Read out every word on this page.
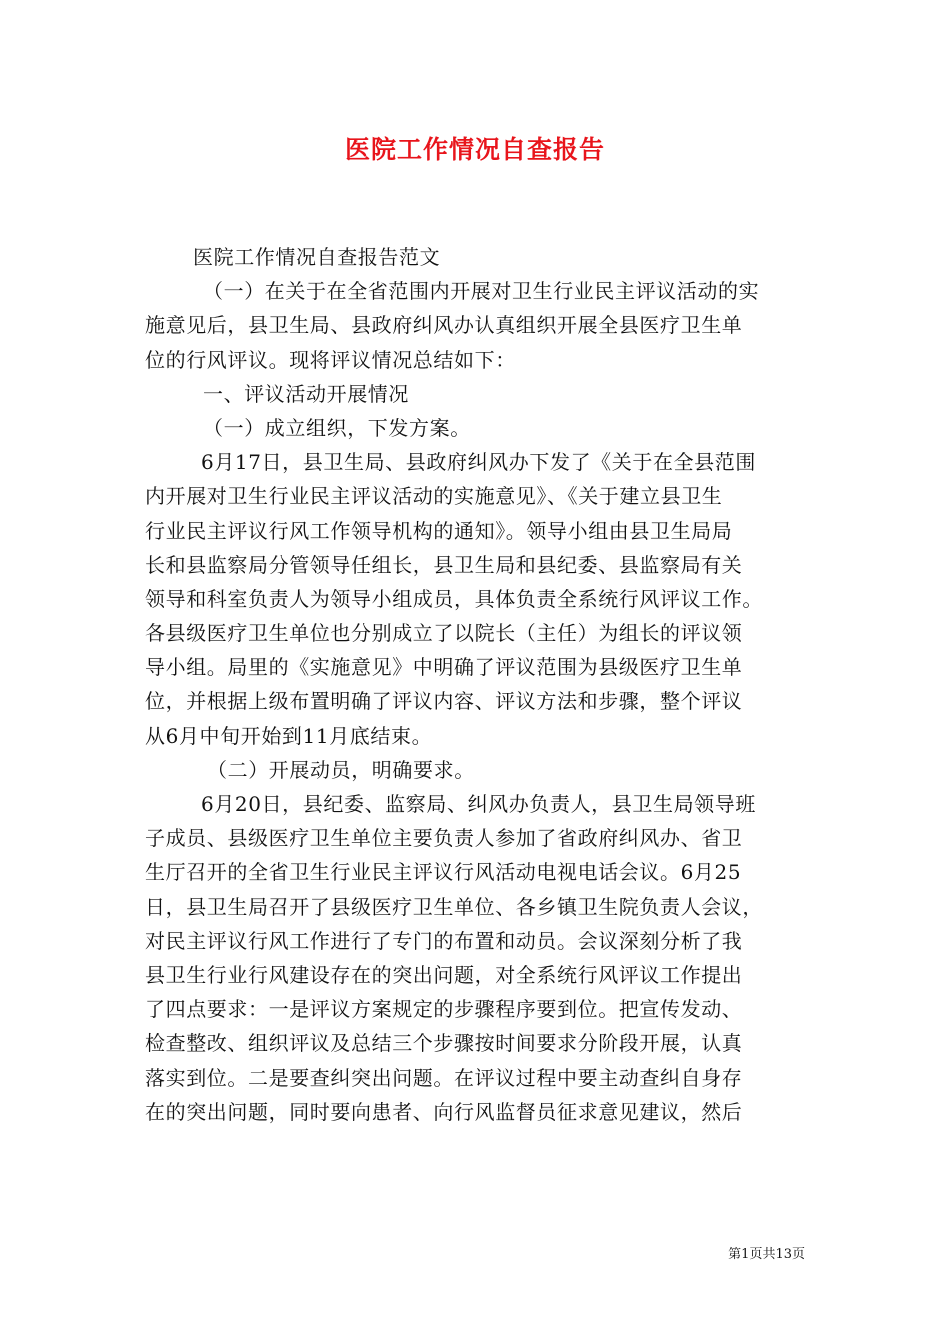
医院工作情况自查报告
医院工作情况自查报告范文
（一）在关于在全省范围内开展对卫生行业民主评议活动的实
施意见后，县卫生局、县政府纠风办认真组织开展全县医疗卫生单
位的行风评议。现将评议情况总结如下：
一、评议活动开展情况
（一）成立组织，下发方案。
6月17日，县卫生局、县政府纠风办下发了《关于在全县范围
内开展对卫生行业民主评议活动的实施意见》、《关于建立县卫生
行业民主评议行风工作领导机构的通知》。领导小组由县卫生局局
长和县监察局分管领导任组长，县卫生局和县纪委、县监察局有关
领导和科室负责人为领导小组成员，具体负责全系统行风评议工作。
各县级医疗卫生单位也分别成立了以院长（主任）为组长的评议领
导小组。局里的《实施意见》中明确了评议范围为县级医疗卫生单
位，并根据上级布置明确了评议内容、评议方法和步骤，整个评议
从6月中旬开始到11月底结束。
（二）开展动员，明确要求。
6月20日，县纪委、监察局、纠风办负责人，县卫生局领导班
子成员、县级医疗卫生单位主要负责人参加了省政府纠风办、省卫
生厅召开的全省卫生行业民主评议行风活动电视电话会议。6月25
日，县卫生局召开了县级医疗卫生单位、各乡镇卫生院负责人会议，
对民主评议行风工作进行了专门的布置和动员。会议深刻分析了我
县卫生行业行风建设存在的突出问题，对全系统行风评议工作提出
了四点要求：一是评议方案规定的步骤程序要到位。把宣传发动、
检查整改、组织评议及总结三个步骤按时间要求分阶段开展，认真
落实到位。二是要查纠突出问题。在评议过程中要主动查纠自身存
在的突出问题，同时要向患者、向行风监督员征求意见建议，然后
第1页共13页
